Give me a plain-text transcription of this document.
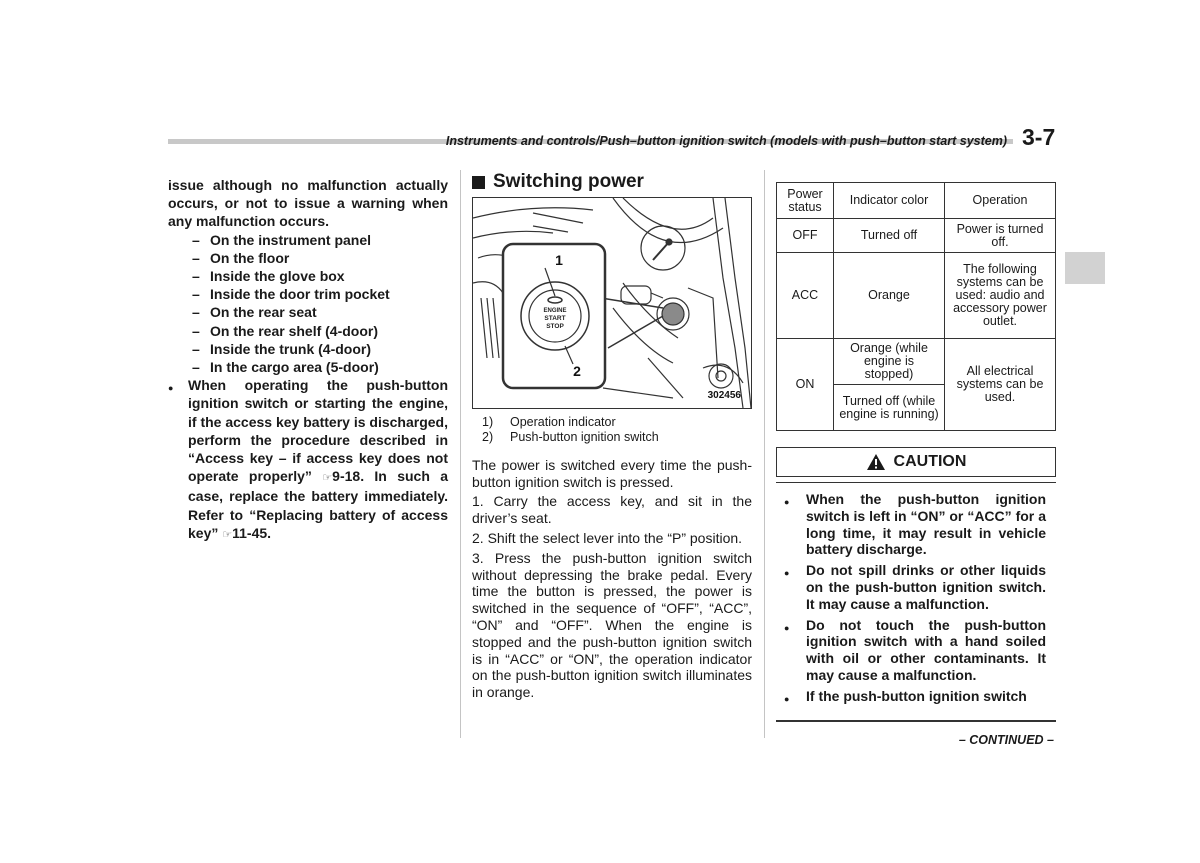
Instruments and controls/Push–button ignition switch (models with push–button start system) 3-7
issue although no malfunction actually occurs, or not to issue a warning when any malfunction occurs.
– On the instrument panel
– On the floor
– Inside the glove box
– Inside the door trim pocket
– On the rear seat
– On the rear shelf (4-door)
– Inside the trunk (4-door)
– In the cargo area (5-door)
●	When operating the push-button ignition switch or starting the engine, if the access key battery is discharged, perform the procedure described in “Access key – if access key does not operate properly” ☞9-18. In such a case, replace the battery immediately. Refer to “Replacing battery of access key” ☞11-45.
Switching power
ENGINE
START
STOP
1
2
302456
1)	Operation indicator
2)	Push-button ignition switch

The power is switched every time the push-button ignition switch is pressed.

1. Carry the access key, and sit in the driver’s seat.

2. Shift the select lever into the “P” position.

3. Press the push-button ignition switch without depressing the brake pedal. Every time the button is pressed, the power is switched in the sequence of “OFF”, “ACC”, “ON” and “OFF”. When the engine is stopped and the push-button ignition switch is in “ACC” or “ON”, the operation indicator on the push-button ignition switch illuminates in orange.

Power status	Indicator color	Operation
OFF	Turned off	Power is turned off.
ACC	Orange	The following systems can be used: audio and accessory power outlet.
ON	Orange (while engine is stopped)	All electrical systems can be used.
	Turned off (while engine is running)	
CAUTION
●	When the push-button ignition switch is left in “ON” or “ACC” for a long time, it may result in vehicle battery discharge.
●	Do not spill drinks or other liquids on the push-button ignition switch. It may cause a malfunction.
●	Do not touch the push-button ignition switch with a hand soiled with oil or other contaminants. It may cause a malfunction.
●	If the push-button ignition switch
– CONTINUED –
